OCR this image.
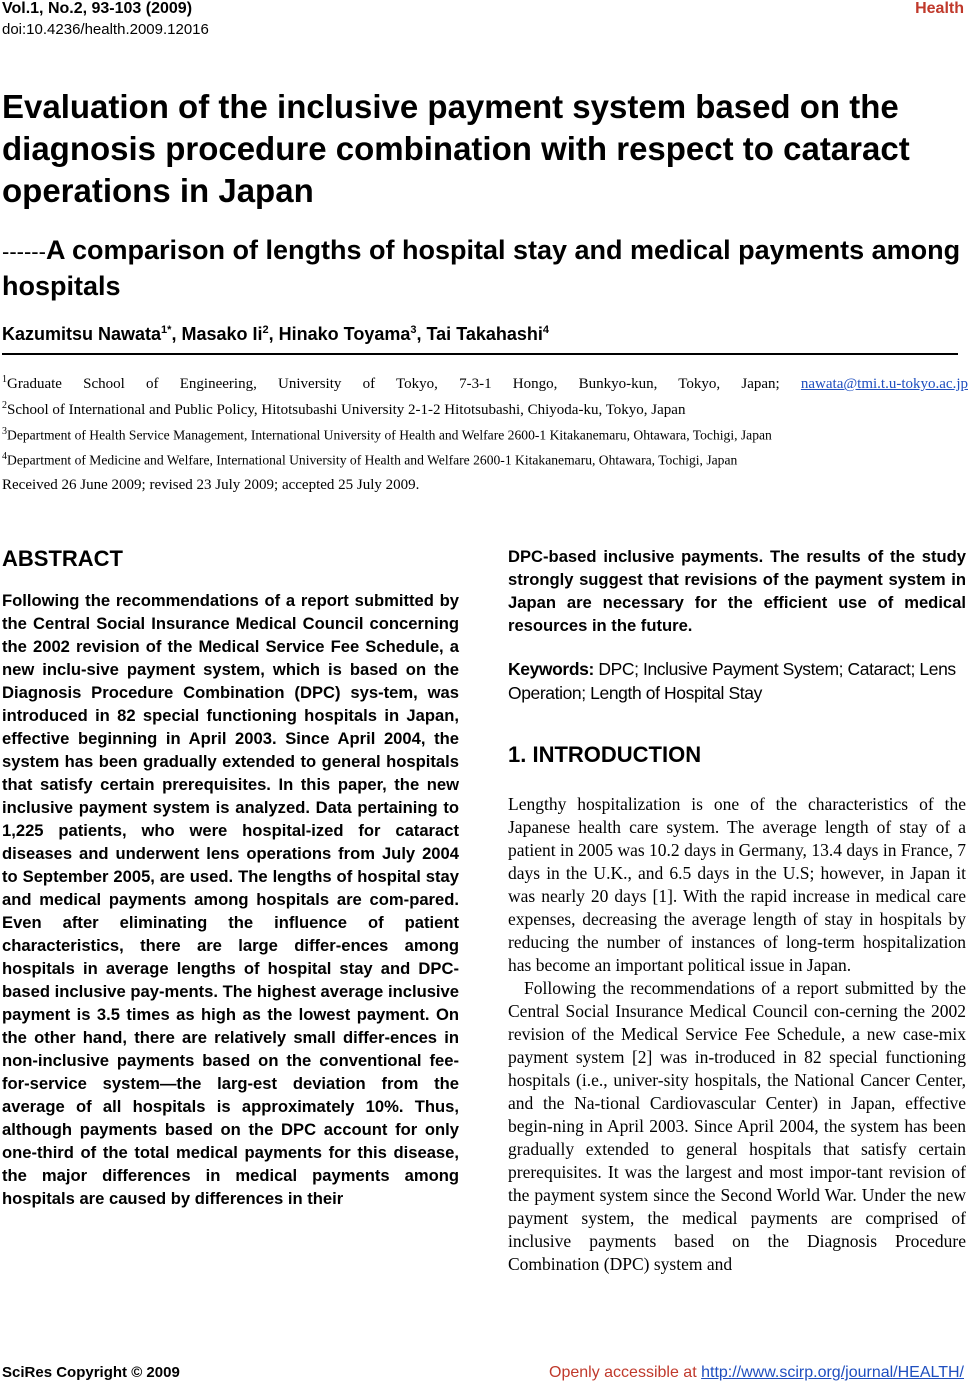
Vol.1, No.2, 93-103 (2009)
doi:10.4236/health.2009.12016
Health
Evaluation of the inclusive payment system based on the diagnosis procedure combination with respect to cataract operations in Japan
------A comparison of lengths of hospital stay and medical payments among hospitals
Kazumitsu Nawata$^{1*}$, Masako Ii$^2$, Hinako Toyama$^3$, Tai Takahashi$^4$
$^1$Graduate School of Engineering, University of Tokyo, 7-3-1 Hongo, Bunkyo-kun, Tokyo, Japan; nawata@tmi.t.u-tokyo.ac.jp
$^2$School of International and Public Policy, Hitotsubashi University 2-1-2 Hitotsubashi, Chiyoda-ku, Tokyo, Japan
$^3$Department of Health Service Management, International University of Health and Welfare 2600-1 Kitakanemaru, Ohtawara, Tochigi, Japan
$^4$Department of Medicine and Welfare, International University of Health and Welfare 2600-1 Kitakanemaru, Ohtawara, Tochigi, Japan
Received 26 June 2009; revised 23 July 2009; accepted 25 July 2009.
ABSTRACT

Following the recommendations of a report submitted by the Central Social Insurance Medical Council concerning the 2002 revision of the Medical Service Fee Schedule, a new inclu-sive payment system, which is based on the Diagnosis Procedure Combination (DPC) sys-tem, was introduced in 82 special functioning hospitals in Japan, effective beginning in April 2003. Since April 2004, the system has been gradually extended to general hospitals that satisfy certain prerequisites. In this paper, the new inclusive payment system is analyzed. Data pertaining to 1,225 patients, who were hospital-ized for cataract diseases and underwent lens operations from July 2004 to September 2005, are used. The lengths of hospital stay and medical payments among hospitals are com-pared. Even after eliminating the influence of patient characteristics, there are large differ-ences among hospitals in average lengths of hospital stay and DPC-based inclusive pay-ments. The highest average inclusive payment is 3.5 times as high as the lowest payment. On the other hand, there are relatively small differ-ences in non-inclusive payments based on the conventional fee-for-service system—the larg-est deviation from the average of all hospitals is approximately 10%. Thus, although payments based on the DPC account for only one-third of the total medical payments for this disease, the major differences in medical payments among hospitals are caused by differences in their

DPC-based inclusive payments. The results of the study strongly suggest that revisions of the payment system in Japan are necessary for the efficient use of medical resources in the future.

Keywords: DPC; Inclusive Payment System; Cataract; Lens Operation; Length of Hospital Stay
1. INTRODUCTION

Lengthy hospitalization is one of the characteristics of the Japanese health care system. The average length of stay of a patient in 2005 was 10.2 days in Germany, 13.4 days in France, 7 days in the U.K., and 6.5 days in the U.S; however, in Japan it was nearly 20 days [1]. With the rapid increase in medical care expenses, decreasing the average length of stay in hospitals by reducing the number of instances of long-term hospitalization has become an important political issue in Japan.

Following the recommendations of a report submitted by the Central Social Insurance Medical Council con-cerning the 2002 revision of the Medical Service Fee Schedule, a new case-mix payment system [2] was in-troduced in 82 special functioning hospitals (i.e., univer-sity hospitals, the National Cancer Center, and the Na-tional Cardiovascular Center) in Japan, effective begin-ning in April 2003. Since April 2004, the system has been gradually extended to general hospitals that satisfy certain prerequisites. It was the largest and most impor-tant revision of the payment system since the Second World War. Under the new payment system, the medical payments are comprised of inclusive payments based on the Diagnosis Procedure Combination (DPC) system and

SciRes Copyright © 2009	Openly accessible at http://www.scirp.org/journal/HEALTH/
